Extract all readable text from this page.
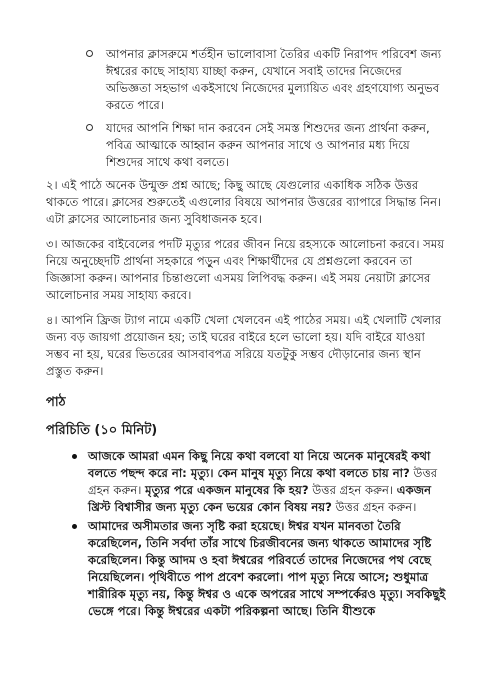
আপনার ক্লাসরুমে শর্তহীন ভালোবাসা তৈরির একটি নিরাপদ পরিবেশ জন্য ঈশ্বরের কাছে সাহায্য যাচ্ছা করুন, যেখানে সবাই তাদের নিজেদের অভিজ্ঞতা সহভাগ একইসাথে নিজেদের মুল্যায়িত এবং গ্রহণযোগ্য অনুভব করতে পারে।
যাদের আপনি শিক্ষা দান করবেন সেই সমস্ত শিশুদের জন্য প্রার্থনা করুন, পবিত্র আত্মাকে আহ্বান করুন আপনার সাথে ও আপনার মধ্য দিয়ে শিশুদের সাথে কথা বলতে।

২। এই পাঠে অনেক উন্মুক্ত প্রশ্ন আছে; কিছু আছে যেগুলোর একাধিক সঠিক উত্তর থাকতে পারে। ক্লাসের শুরুতেই এগুলোর বিষয়ে আপনার উত্তরের ব্যাপারে সিদ্ধান্ত নিন। এটা ক্লাসের আলোচনার জন্য সুবিধাজনক হবে।

৩। আজকের বাইবেলের পদটি মৃত্যুর পরের জীবন নিয়ে রহস্যকে আলোচনা করবে। সময় নিয়ে অনুচ্ছেদটি প্রার্থনা সহকারে পড়ুন এবং শিক্ষার্থীদের যে প্রশ্নগুলো করবেন তা জিজ্ঞাসা করুন। আপনার চিন্তাগুলো এসময় লিপিবদ্ধ করুন। এই সময় নেয়াটা ক্লাসের আলোচনার সময় সাহায্য করবে।

৪। আপনি ফ্রিজ ট্যাগ নামে একটি খেলা খেলবেন এই পাঠের সময়। এই খেলাটি খেলার জন্য বড় জায়গা প্রয়োজন হয়; তাই ঘরের বাইরে হলে ভালো হয়। যদি বাইরে যাওয়া সম্ভব না হয়, ঘরের ভিতরের আসবাবপত্র সরিয়ে যতটুকু সম্ভব দৌড়ানোর জন্য স্থান প্রস্তুত করুন।

পাঠ
পরিচিতি (১০ মিনিট)
আজকে আমরা এমন কিছু নিয়ে কথা বলবো যা নিয়ে অনেক মানুষেরই কথা বলতে পছন্দ করে না: মৃত্যু। কেন মানুষ মৃত্যু নিয়ে কথা বলতে চায় না? উত্তর গ্রহন করুন। মৃত্যুর পরে একজন মানুষের কি হয়? উত্তর গ্রহন করুন। একজন খ্রিস্ট বিশ্বাসীর জন্য মৃত্যু কেন ভয়ের কোন বিষয় নয়? উত্তর গ্রহন করুন।
আমাদের অসীমতার জন্য সৃষ্টি করা হয়েছে। ঈশ্বর যখন মানবতা তৈরি করেছিলেন, তিনি সর্বদা তাঁর সাথে চিরজীবনের জন্য থাকতে আমাদের সৃষ্টি করেছিলেন। কিন্তু আদম ও হবা ঈশ্বরের পরিবর্তে তাদের নিজেদের পথ বেছে নিয়েছিলেন। পৃথিবীতে পাপ প্রবেশ করলো। পাপ মৃত্যু নিয়ে আসে; শুধুমাত্র শারীরিক মৃত্যু নয়, কিন্তু ঈশ্বর ও একে অপরের সাথে সম্পর্কেরও মৃত্যু। সবকিছুই ভেঙ্গে পরে। কিন্তু ঈশ্বরের একটা পরিকল্পনা আছে। তিনি যীশুকে
